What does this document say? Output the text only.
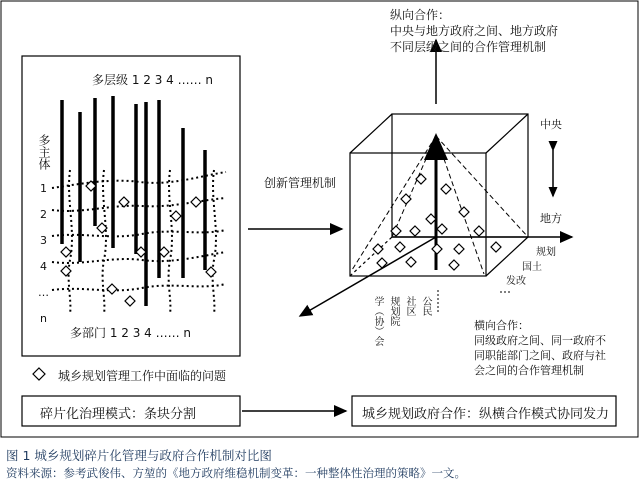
多层级 1 2 3 4 …… n
多主体
1 2 3 4 … n
多部门 1 2 3 4 …… n
城乡规划管理工作中面临的问题
创新管理机制
纵向合作：
中央与地方政府之间、地方政府
不同层级之间的合作管理机制
中央
地方
规划
国土
发改
学（协）会 规划院 社区 公民
横向合作：
同级政府之间、同一政府不
同职能部门之间、政府与社
会之间的合作管理机制
碎片化治理模式：条块分割	城乡规划政府合作：纵横合作模式协同发力
图 1 城乡规划碎片化管理与政府合作机制对比图
资料来源：参考武俊伟、方堃的《地方政府维稳机制变革：一种整体性治理的策略》一文。
